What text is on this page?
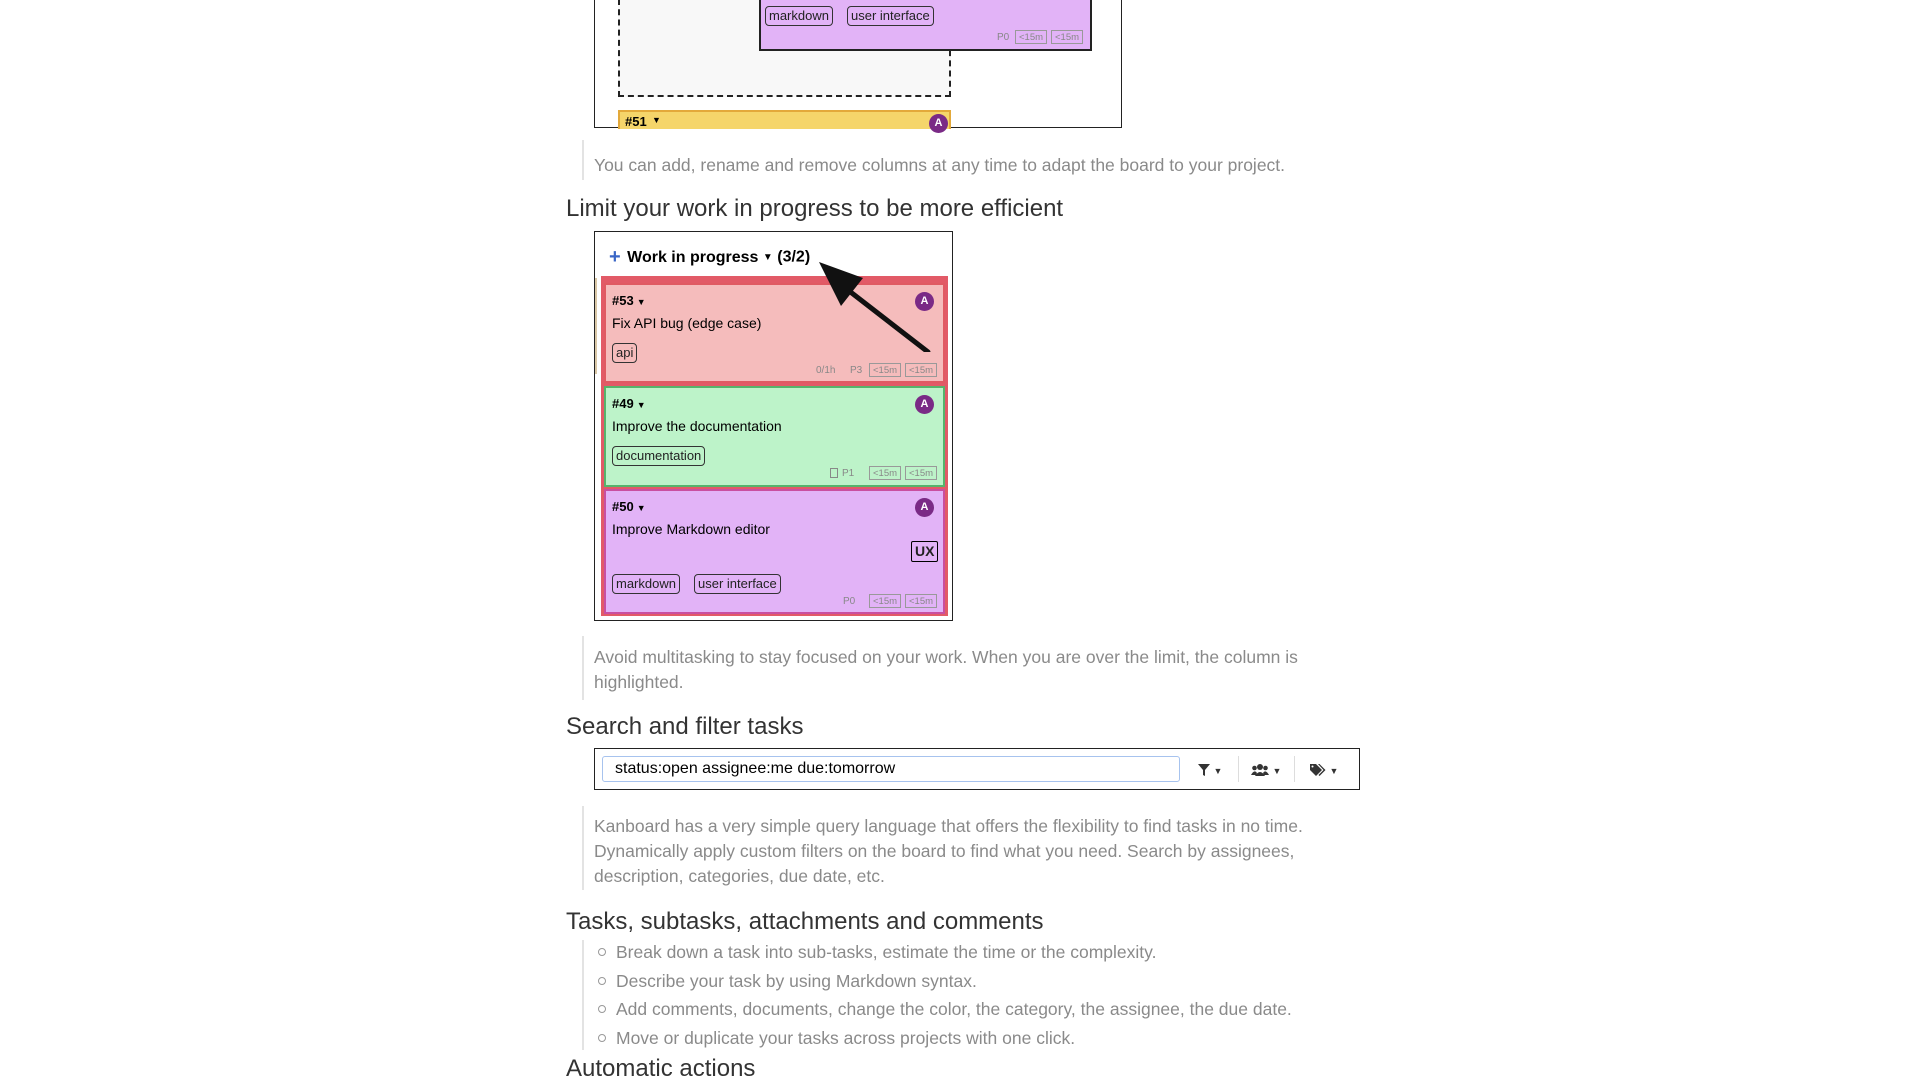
markdown	user interface
P0	<15m	<15m
#51 ▼	A

You can add, rename and remove columns at any time to adapt the board to your project.

Limit your work in progress to be more efficient
+ Work in progress ▼ (3/2)
#53 ▼
Fix API bug (edge case)
A
api
0/1h P3	<15m	<15m
#49 ▼
Improve the documentation
A
documentation
P1	<15m	<15m
#50 ▼
Improve Markdown editor
A
UX
markdown	user interface
P0	<15m	<15m

Avoid multitasking to stay focused on your work. When you are over the limit, the column is highlighted.

Search and filter tasks
status:open assignee:me due:tomorrow
▼	▼	▼

Kanboard has a very simple query language that offers the flexibility to find tasks in no time. Dynamically apply custom filters on the board to find what you need. Search by assignees, description, categories, due date, etc.

Tasks, subtasks, attachments and comments
Break down a task into sub-tasks, estimate the time or the complexity.
Describe your task by using Markdown syntax.
Add comments, documents, change the color, the category, the assignee, the due date.
Move or duplicate your tasks across projects with one click.
Automatic actions
